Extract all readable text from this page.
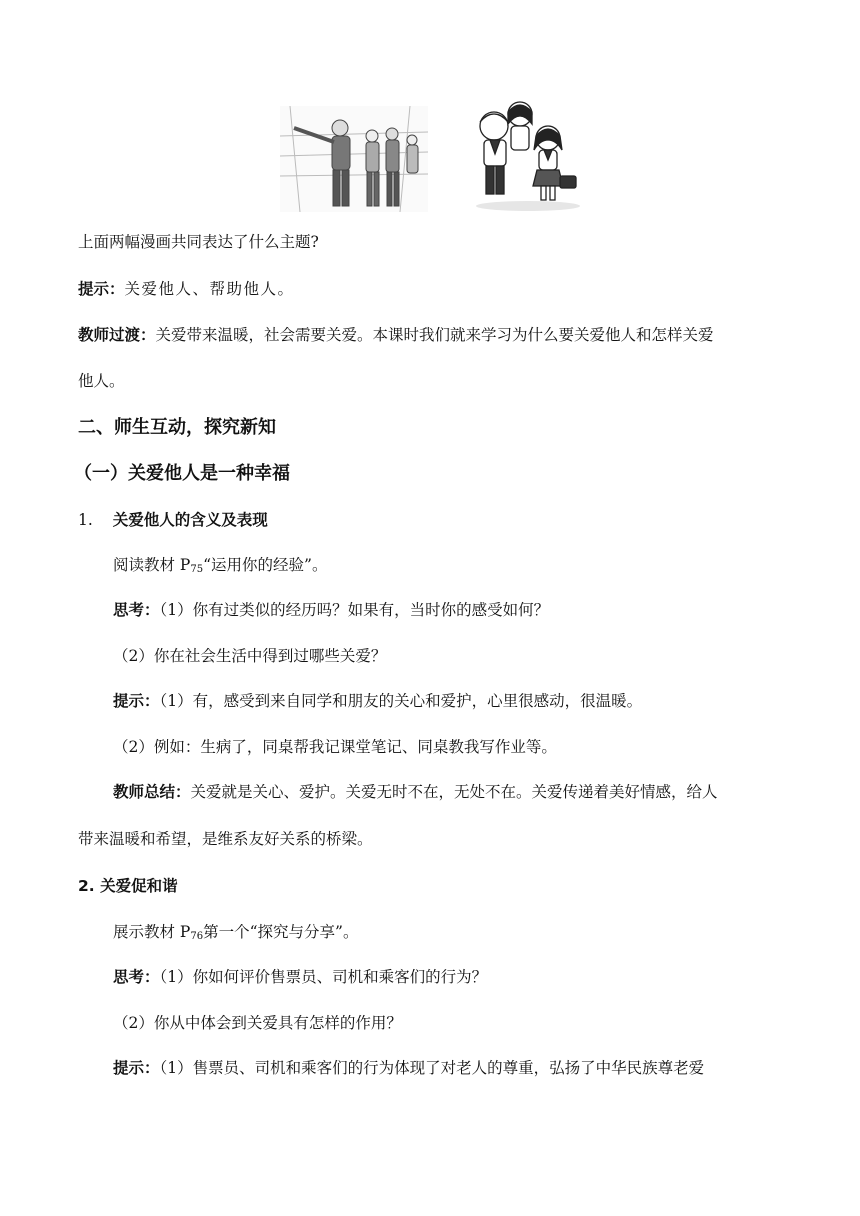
上面两幅漫画共同表达了什么主题?
提示：关爱他人、帮助他人。
教师过渡：关爱带来温暖，社会需要关爱。本课时我们就来学习为什么要关爱他人和怎样关爱
他人。
二、师生互动，探究新知
（一）关爱他人是一种幸福
1. 关爱他人的含义及表现
阅读教材 $P_{75}“$运用你的经验”。
思考：（1）你有过类似的经历吗？如果有，当时你的感受如何？
（2）你在社会生活中得到过哪些关爱？
提示：（1）有，感受到来自同学和朋友的关心和爱护，心里很感动，很温暖。
（2）例如：生病了，同桌帮我记课堂笔记、同桌教我写作业等。
教师总结：关爱就是关心、爱护。关爱无时不在，无处不在。关爱传递着美好情感，给人
带来温暖和希望，是维系友好关系的桥梁。
2. 关爱促和谐
展示教材 $P_{76}$第一个“探究与分享”。
思考：（1）你如何评价售票员、司机和乘客们的行为？
（2）你从中体会到关爱具有怎样的作用？
提示：（1）售票员、司机和乘客们的行为体现了对老人的尊重，弘扬了中华民族尊老爱
